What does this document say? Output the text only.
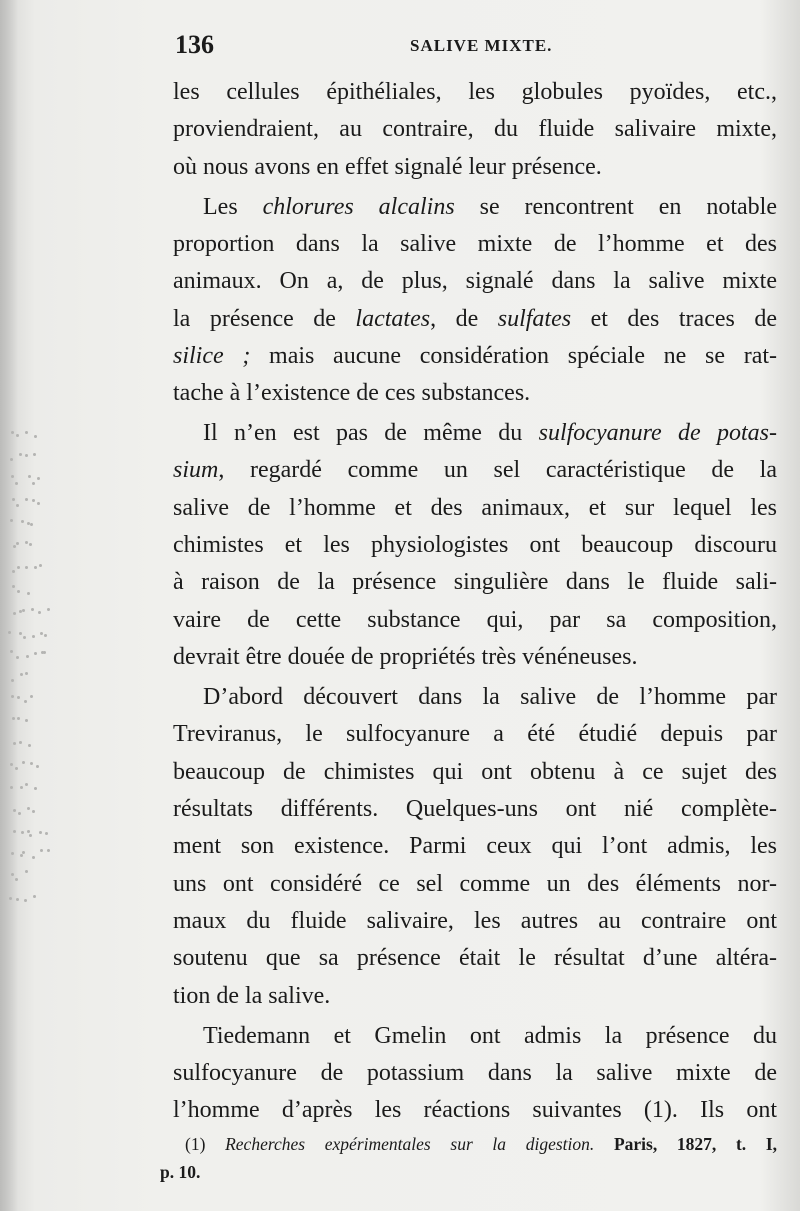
136	SALIVE MIXTE.
les cellules épithéliales, les globules pyoïdes, etc.,
proviendraient, au contraire, du fluide salivaire mixte,
où nous avons en effet signalé leur présence.
Les chlorures alcalins se rencontrent en notable
proportion dans la salive mixte de l’homme et des
animaux. On a, de plus, signalé dans la salive mixte
la présence de lactates, de sulfates et des traces de
silice ; mais aucune considération spéciale ne se rat-
tache à l’existence de ces substances.
Il n’en est pas de même du sulfocyanure de potas-
sium, regardé comme un sel caractéristique de la
salive de l’homme et des animaux, et sur lequel les
chimistes et les physiologistes ont beaucoup discouru
à raison de la présence singulière dans le fluide sali-
vaire de cette substance qui, par sa composition,
devrait être douée de propriétés très vénéneuses.
D’abord découvert dans la salive de l’homme par
Treviranus, le sulfocyanure a été étudié depuis par
beaucoup de chimistes qui ont obtenu à ce sujet des
résultats différents. Quelques-uns ont nié complète-
ment son existence. Parmi ceux qui l’ont admis, les
uns ont considéré ce sel comme un des éléments nor-
maux du fluide salivaire, les autres au contraire ont
soutenu que sa présence était le résultat d’une altéra-
tion de la salive.
Tiedemann et Gmelin ont admis la présence du
sulfocyanure de potassium dans la salive mixte de
l’homme d’après les réactions suivantes (1). Ils ont
(1) Recherches expérimentales sur la digestion. Paris, 1827, t. I,
p. 10.
